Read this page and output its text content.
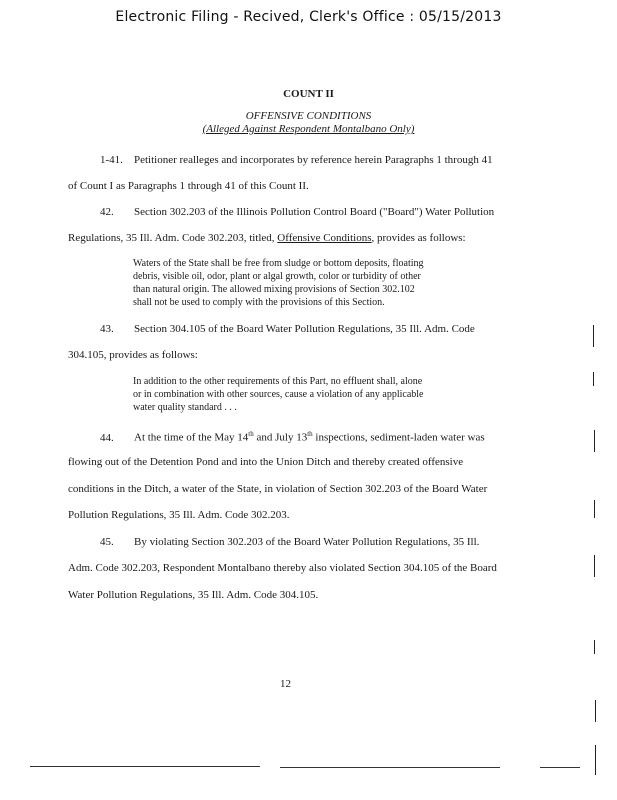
Electronic Filing - Recived, Clerk's Office : 05/15/2013
COUNT II
OFFENSIVE CONDITIONS
(Alleged Against Respondent Montalbano Only)
1-41. Petitioner realleges and incorporates by reference herein Paragraphs 1 through 41
of Count I as Paragraphs 1 through 41 of this Count II.
42. Section 302.203 of the Illinois Pollution Control Board ("Board") Water Pollution
Regulations, 35 Ill. Adm. Code 302.203, titled, Offensive Conditions, provides as follows:
Waters of the State shall be free from sludge or bottom deposits, floating
debris, visible oil, odor, plant or algal growth, color or turbidity of other
than natural origin. The allowed mixing provisions of Section 302.102
shall not be used to comply with the provisions of this Section.
43. Section 304.105 of the Board Water Pollution Regulations, 35 Ill. Adm. Code
304.105, provides as follows:
In addition to the other requirements of this Part, no effluent shall, alone
or in combination with other sources, cause a violation of any applicable
water quality standard . . .
44. At the time of the May 14th and July 13th inspections, sediment-laden water was
flowing out of the Detention Pond and into the Union Ditch and thereby created offensive
conditions in the Ditch, a water of the State, in violation of Section 302.203 of the Board Water
Pollution Regulations, 35 Ill. Adm. Code 302.203.
45. By violating Section 302.203 of the Board Water Pollution Regulations, 35 Ill.
Adm. Code 302.203, Respondent Montalbano thereby also violated Section 304.105 of the Board
Water Pollution Regulations, 35 Ill. Adm. Code 304.105.
12
